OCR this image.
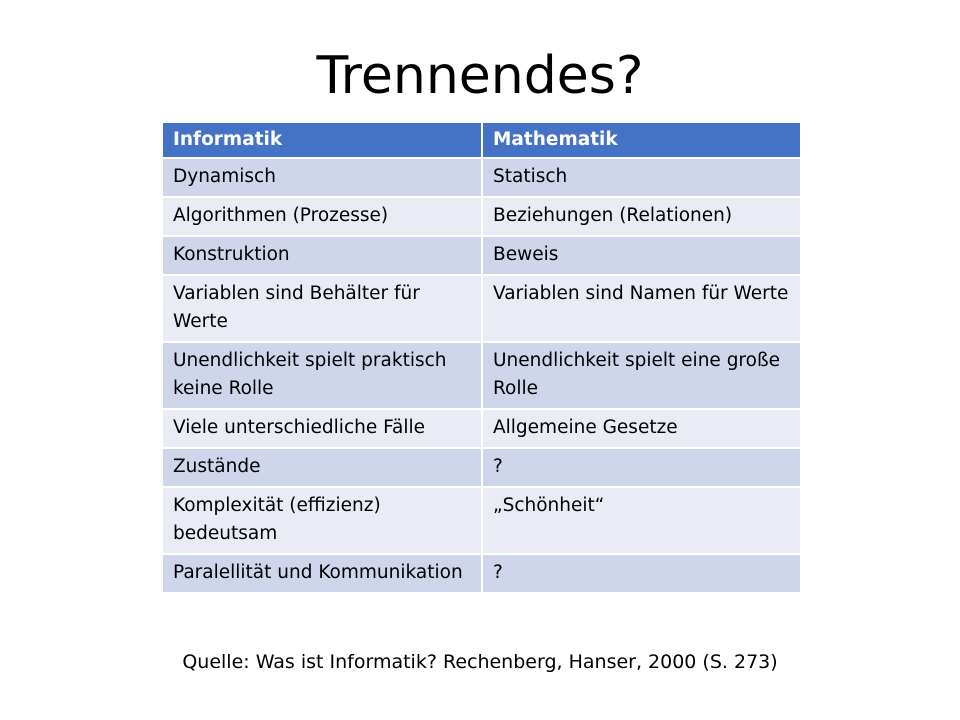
Trennendes?
Informatik	Mathematik
Dynamisch	Statisch
Algorithmen (Prozesse)	Beziehungen (Relationen)
Konstruktion	Beweis
Variablen sind Behälter für Werte	Variablen sind Namen für Werte
Unendlichkeit spielt praktisch keine Rolle	Unendlichkeit spielt eine große Rolle
Viele unterschiedliche Fälle	Allgemeine Gesetze
Zustände	?
Komplexität (effizienz) bedeutsam	„Schönheit“
Paralellität und Kommunikation	?
Quelle: Was ist Informatik? Rechenberg, Hanser, 2000 (S. 273)
